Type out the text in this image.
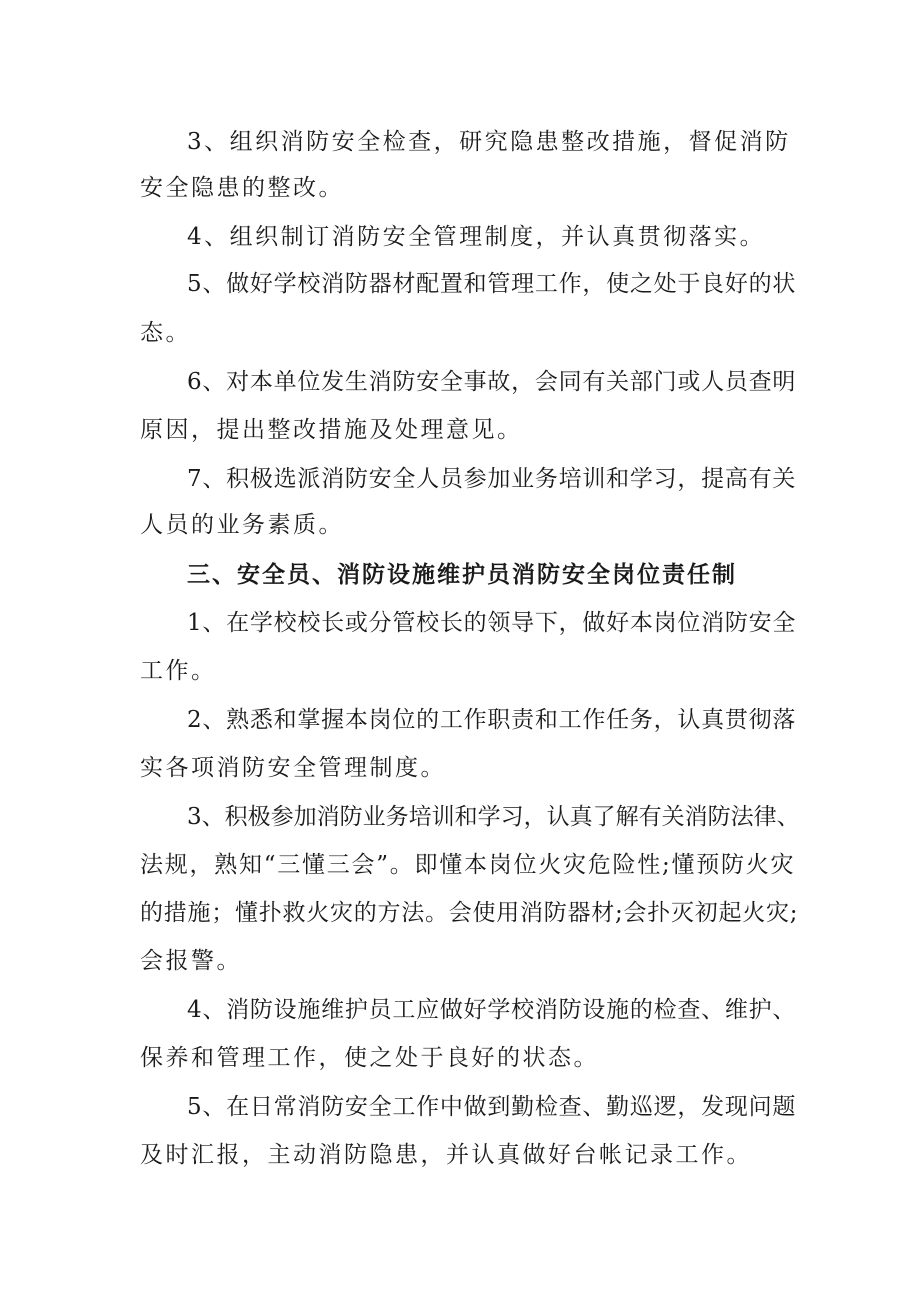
3、组织消防安全检查，研究隐患整改措施，督促消防
安全隐患的整改。
4、组织制订消防安全管理制度，并认真贯彻落实。
5、做好学校消防器材配置和管理工作，使之处于良好的状
态。
6、对本单位发生消防安全事故，会同有关部门或人员查明
原因，提出整改措施及处理意见。
7、积极选派消防安全人员参加业务培训和学习，提高有关
人员的业务素质。
三、安全员、消防设施维护员消防安全岗位责任制
1、在学校校长或分管校长的领导下，做好本岗位消防安全
工作。
2、熟悉和掌握本岗位的工作职责和工作任务，认真贯彻落
实各项消防安全管理制度。
3、积极参加消防业务培训和学习，认真了解有关消防法律、
法规，熟知“三懂三会”。即懂本岗位火灾危险性;懂预防火灾
的措施；懂扑救火灾的方法。会使用消防器材;会扑灭初起火灾;
会报警。
4、消防设施维护员工应做好学校消防设施的检查、维护、
保养和管理工作，使之处于良好的状态。
5、在日常消防安全工作中做到勤检查、勤巡逻，发现问题
及时汇报，主动消防隐患，并认真做好台帐记录工作。
